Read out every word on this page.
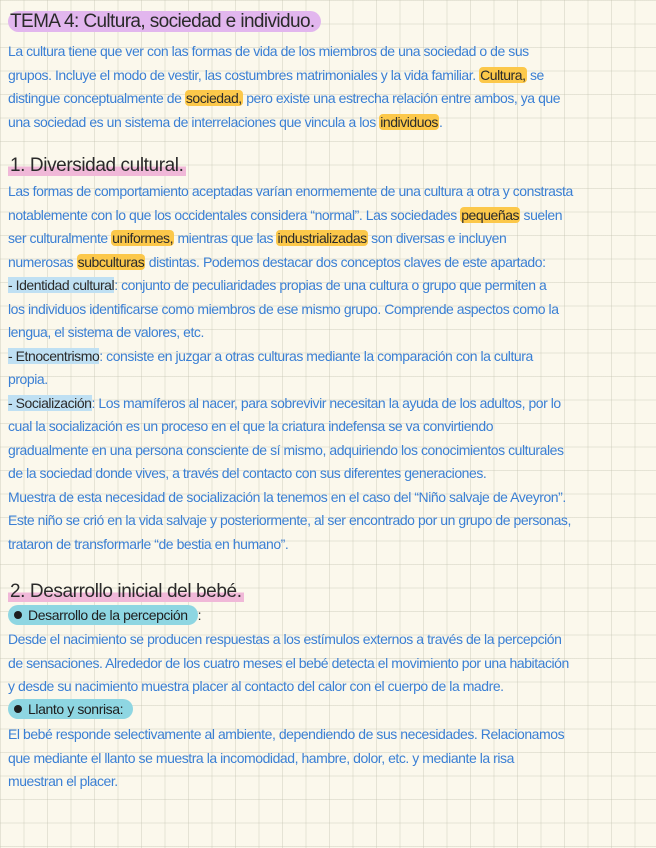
TEMA 4: Cultura, sociedad e individuo.
La cultura tiene que ver con las formas de vida de los miembros de una sociedad o de sus
grupos. Incluye el modo de vestir, las costumbres matrimoniales y la vida familiar. Cultura, se
distingue conceptualmente de sociedad, pero existe una estrecha relación entre ambos, ya que
una sociedad es un sistema de interrelaciones que vincula a los individuos.
1. Diversidad cultural.
Las formas de comportamiento aceptadas varían enormemente de una cultura a otra y constrasta
notablemente con lo que los occidentales considera “normal”. Las sociedades pequeñas suelen
ser culturalmente uniformes, mientras que las industrializadas son diversas e incluyen
numerosas subculturas distintas. Podemos destacar dos conceptos claves de este apartado:
- Identidad cultural: conjunto de peculiaridades propias de una cultura o grupo que permiten a
los individuos identificarse como miembros de ese mismo grupo. Comprende aspectos como la
lengua, el sistema de valores, etc.
- Etnocentrismo: consiste en juzgar a otras culturas mediante la comparación con la cultura
propia.
- Socialización: Los mamíferos al nacer, para sobrevivir necesitan la ayuda de los adultos, por lo
cual la socialización es un proceso en el que la criatura indefensa se va convirtiendo
gradualmente en una persona consciente de sí mismo, adquiriendo los conocimientos culturales
de la sociedad donde vives, a través del contacto con sus diferentes generaciones.
Muestra de esta necesidad de socialización la tenemos en el caso del “Niño salvaje de Aveyron”.
Este niño se crió en la vida salvaje y posteriormente, al ser encontrado por un grupo de personas,
trataron de transformarle “de bestia en humano”.
2. Desarrollo inicial del bebé.
Desarrollo de la percepción :
Desde el nacimiento se producen respuestas a los estímulos externos a través de la percepción
de sensaciones. Alrededor de los cuatro meses el bebé detecta el movimiento por una habitación
y desde su nacimiento muestra placer al contacto del calor con el cuerpo de la madre.
Llanto y sonrisa:
El bebé responde selectivamente al ambiente, dependiendo de sus necesidades. Relacionamos
que mediante el llanto se muestra la incomodidad, hambre, dolor, etc. y mediante la risa
muestran el placer.
